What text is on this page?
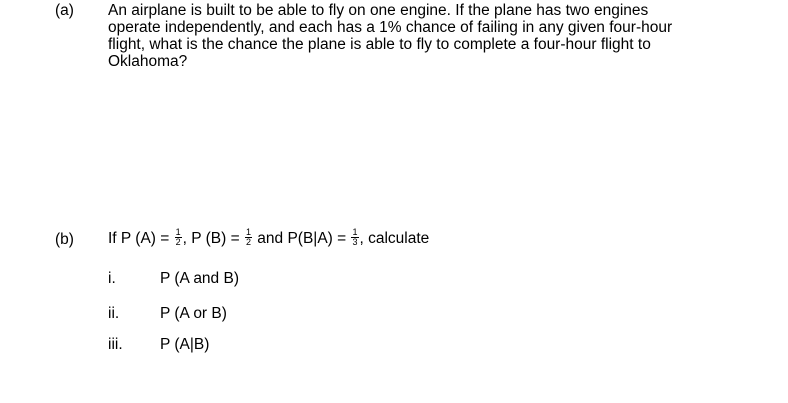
(a) An airplane is built to be able to fly on one engine. If the plane has two engines
operate independently, and each has a 1% chance of failing in any given four-hour
flight, what is the chance the plane is able to fly to complete a four-hour flight to
Oklahoma?
(b) If P $(A) = \frac{1}{2}$ , P $(B) = \frac{1}{2}$ and $P(B|A) = \frac{1}{3}$ , calculate
i.	P (A and B)
ii.	P (A or B)
iii. P (A|B)
